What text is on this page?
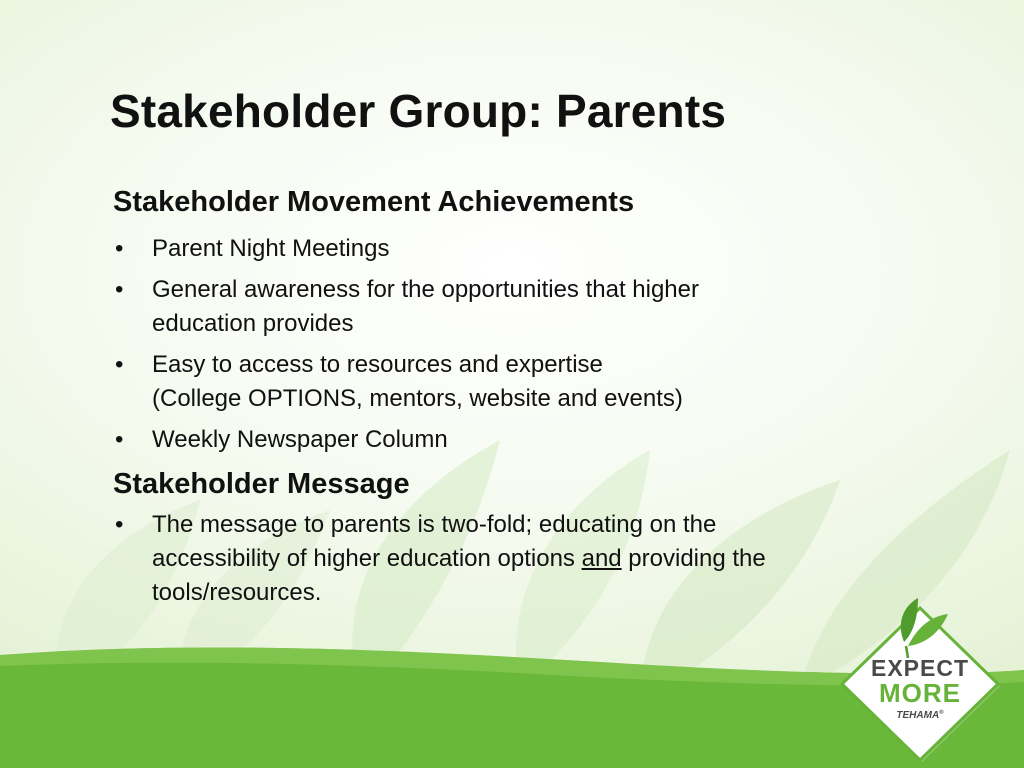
Stakeholder Group: Parents
Stakeholder Movement Achievements
• Parent Night Meetings
• General awareness for the opportunities that higher
education provides
• Easy to access to resources and expertise
(College OPTIONS, mentors, website and events)
• Weekly Newspaper Column
Stakeholder Message
• The message to parents is two-fold; educating on the
accessibility of higher education options and providing the
tools/resources.
EXPECT
MORE
TEHAMA®
